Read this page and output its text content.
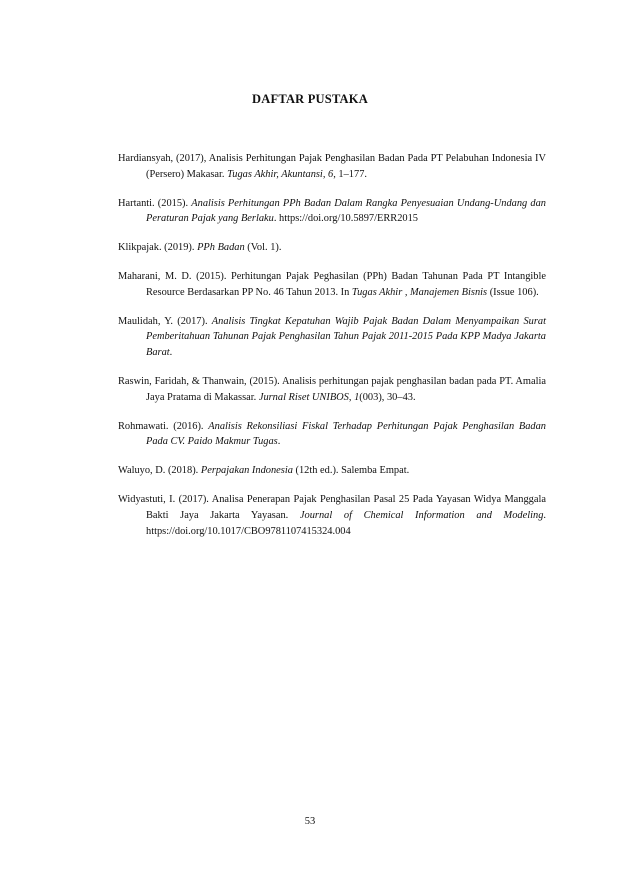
DAFTAR PUSTAKA

Hardiansyah, (2017), Analisis Perhitungan Pajak Penghasilan Badan Pada PT Pelabuhan Indonesia IV (Persero) Makasar. Tugas Akhir, Akuntansi, 6, 1–177.

Hartanti. (2015). Analisis Perhitungan PPh Badan Dalam Rangka Penyesuaian Undang-Undang dan Peraturan Pajak yang Berlaku. https://doi.org/10.5897/ERR2015

Klikpajak. (2019). PPh Badan (Vol. 1).

Maharani, M. D. (2015). Perhitungan Pajak Peghasilan (PPh) Badan Tahunan Pada PT Intangible Resource Berdasarkan PP No. 46 Tahun 2013. In Tugas Akhir , Manajemen Bisnis (Issue 106).

Maulidah, Y. (2017). Analisis Tingkat Kepatuhan Wajib Pajak Badan Dalam Menyampaikan Surat Pemberitahuan Tahunan Pajak Penghasilan Tahun Pajak 2011-2015 Pada KPP Madya Jakarta Barat.

Raswin, Faridah, & Thanwain, (2015). Analisis perhitungan pajak penghasilan badan pada PT. Amalia Jaya Pratama di Makassar. Jurnal Riset UNIBOS, 1(003), 30–43.

Rohmawati. (2016). Analisis Rekonsiliasi Fiskal Terhadap Perhitungan Pajak Penghasilan Badan Pada CV. Paido Makmur Tugas.

Waluyo, D. (2018). Perpajakan Indonesia (12th ed.). Salemba Empat.

Widyastuti, I. (2017). Analisa Penerapan Pajak Penghasilan Pasal 25 Pada Yayasan Widya Manggala Bakti Jaya Jakarta Yayasan. Journal of Chemical Information and Modeling. https://doi.org/10.1017/CBO9781107415324.004

53
